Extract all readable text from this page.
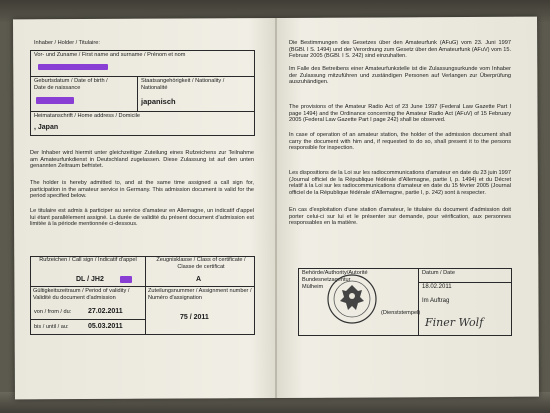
Inhaber / Holder / Titulaire:
Vor- und Zuname / First name and surname / Prénom et nom
Geburtsdatum / Date of birth /
Date de naissance
Staatsangehörigkeit / Nationality /
Nationalité
japanisch
Heimatanschrift / Home address / Domicile
, Japan
Der Inhaber wird hiermit unter gleichzeitiger Zuteilung eines Rufzeichens zur Teilnahme am Amateurfunkdienst in Deutschland zugelassen. Diese Zulassung ist auf den unten genannten Zeitraum befristet.
The holder is hereby admitted to, and at the same time assigned a call sign for, participation in the amateur service in Germany. This admission document is valid for the period specified below.
Le titulaire est admis à participer au service d'amateur en Allemagne, un indicatif d'appel lui étant parallèlement assigné. La durée de validité du présent document d'admission est limitée à la période mentionnée ci-dessous.
Rufzeichen / Call sign / Indicatif d'appel
DL / JH2
Zeugnisklasse / Class of certificate / Classe de certificat
A
Gültigkeitszeitraum / Period of validity / Validité du document d'admission
Zuteilungsnummer / Assignment number / Numéro d'assignation
von / from / du: 27.02.2011
bis / until / au:	05.03.2011
75 / 2011
Die Bestimmungen des Gesetzes über den Amateurfunk (AFuG) vom 23. Juni 1997 (BGBl. I S. 1494) und der Verordnung zum Gesetz über den Amateurfunk (AFuV) vom 15. Februar 2005 (BGBl. I S. 242) sind einzuhalten.
Im Falle des Betreibens einer Amateurfunkstelle ist die Zulassungsurkunde vom Inhaber der Zulassung mitzuführen und zuständigen Personen auf Verlangen zur Überprüfung auszuhändigen.
The provisions of the Amateur Radio Act of 23 June 1997 (Federal Law Gazette Part I page 1494) and the Ordinance concerning the Amateur Radio Act (AFuV) of 15 February 2005 (Federal Law Gazette Part I page 242) shall be observed.
In case of operation of an amateur station, the holder of the admission document shall carry the document with him and, if requested to do so, shall present it to the persons responsible for inspection.
Les dispositions de la Loi sur les radiocommunications d'amateur en date du 23 juin 1997 (Journal officiel de la République fédérale d'Allemagne, partie I, p. 1494) et du Décret relatif à la Loi sur les radiocommunications d'amateur en date du 15 février 2005 (Journal officiel de la République fédérale d'Allemagne, partie I, p. 242) sont à respecter.
En cas d'exploitation d'une station d'amateur, le titulaire du document d'admission doit porter celui-ci sur lui et le présenter sur demande, pour vérification, aux personnes responsables en la matière.
Behörde/Authority/Autorité
Bundesnetzagentur
Mülheim
(Dienststempel)
Datum / Date
18.02.2011
Im Auftrag
Finer Wolf
